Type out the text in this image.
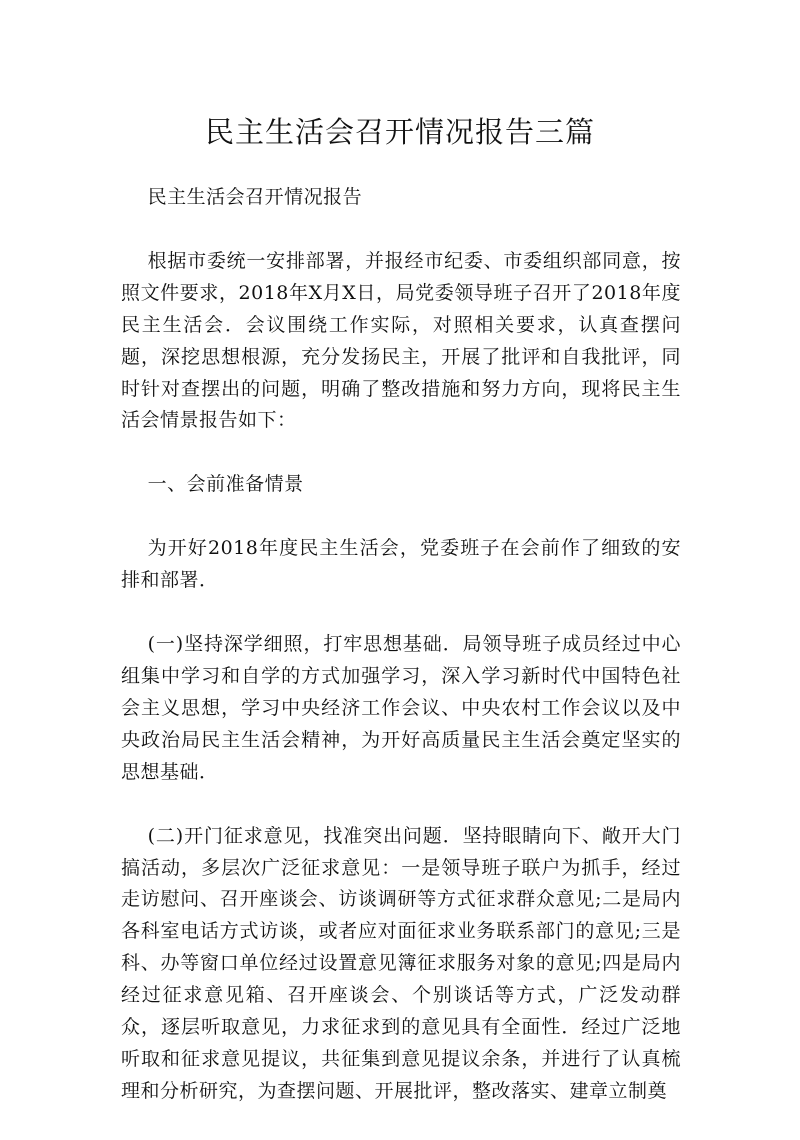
民主生活会召开情况报告三篇

民主生活会召开情况报告

根据市委统一安排部署，并报经市纪委、市委组织部同意，按照文件要求，2018年X月X日，局党委领导班子召开了2018年度民主生活会．会议围绕工作实际，对照相关要求，认真查摆问题，深挖思想根源，充分发扬民主，开展了批评和自我批评，同时针对查摆出的问题，明确了整改措施和努力方向，现将民主生活会情景报告如下：

一、会前准备情景

为开好2018年度民主生活会，党委班子在会前作了细致的安排和部署．

(一)坚持深学细照，打牢思想基础．局领导班子成员经过中心组集中学习和自学的方式加强学习，深入学习新时代中国特色社会主义思想，学习中央经济工作会议、中央农村工作会议以及中央政治局民主生活会精神，为开好高质量民主生活会奠定坚实的思想基础．

(二)开门征求意见，找准突出问题．坚持眼睛向下、敞开大门搞活动，多层次广泛征求意见：一是领导班子联户为抓手，经过走访慰问、召开座谈会、访谈调研等方式征求群众意见;二是局内各科室电话方式访谈，或者应对面征求业务联系部门的意见;三是科、办等窗口单位经过设置意见簿征求服务对象的意见;四是局内经过征求意见箱、召开座谈会、个别谈话等方式，广泛发动群众，逐层听取意见，力求征求到的意见具有全面性．经过广泛地听取和征求意见提议，共征集到意见提议余条，并进行了认真梳理和分析研究，为查摆问题、开展批评，整改落实、建章立制奠
